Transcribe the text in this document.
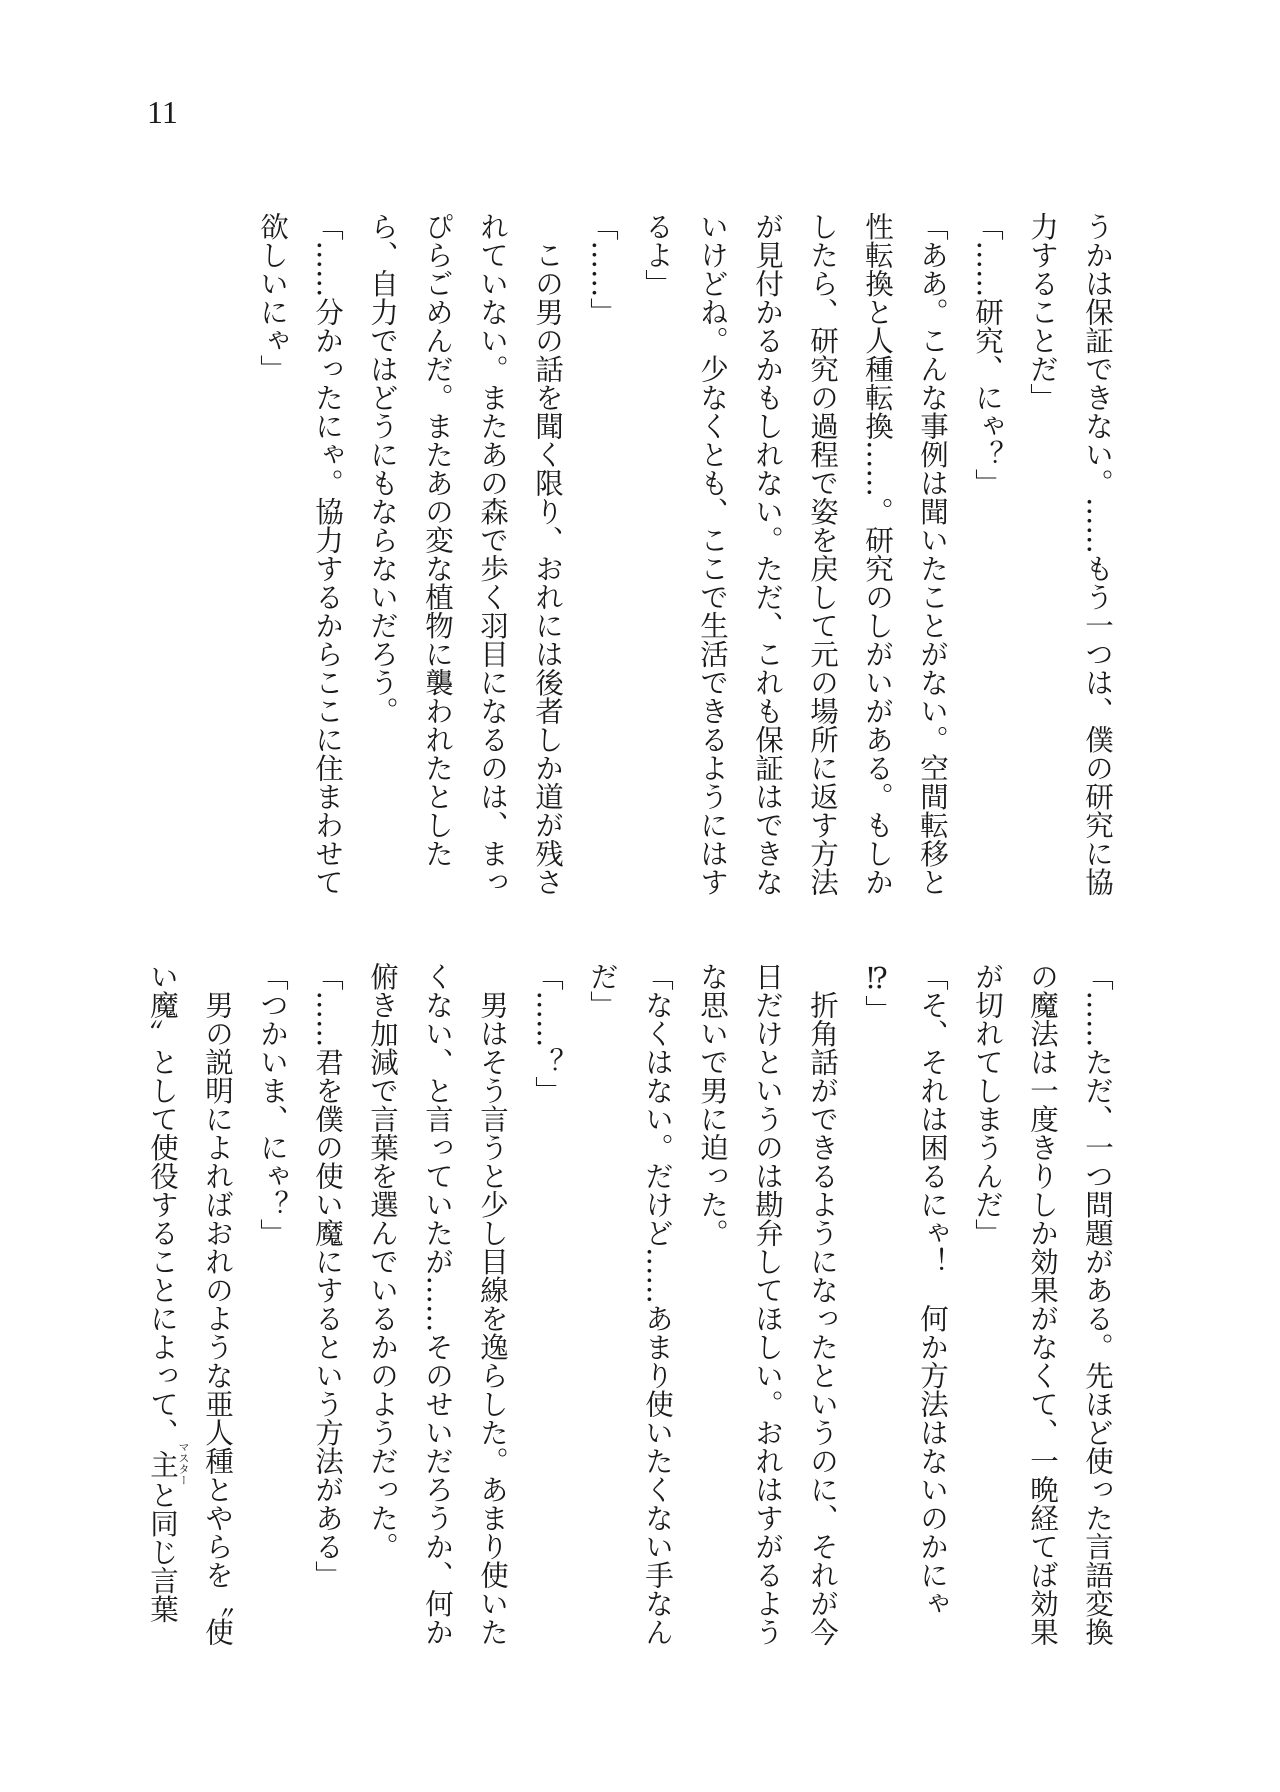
11
うかは保証できない。……もう一つは、僕の研究に協
力することだ」
「……研究、にゃ？」
「ああ。こんな事例は聞いたことがない。空間転移と
性転換と人種転換……。研究のしがいがある。もしか
したら、研究の過程で姿を戻して元の場所に返す方法
が見付かるかもしれない。ただ、これも保証はできな
いけどね。少なくとも、ここで生活できるようにはす
るよ」
「……」
　この男の話を聞く限り、おれには後者しか道が残さ
れていない。またあの森で歩く羽目になるのは、まっ
ぴらごめんだ。またあの変な植物に襲われたとした
ら、自力ではどうにもならないだろう。
「……分かったにゃ。協力するからここに住まわせて
欲しいにゃ」
「……ただ、一つ問題がある。先ほど使った言語変換
の魔法は一度きりしか効果がなくて、一晩経てば効果
が切れてしまうんだ」
「そ、それは困るにゃ！　何か方法はないのかにゃ
⁉」
　折角話ができるようになったというのに、それが今
日だけというのは勘弁してほしい。おれはすがるよう
な思いで男に迫った。
「なくはない。だけど……あまり使いたくない手なん
だ」
「……？」
　男はそう言うと少し目線を逸らした。あまり使いた
くない、と言っていたが……そのせいだろうか、何か
俯き加減で言葉を選んでいるかのようだった。
「……君を僕の使い魔にするという方法がある」
「つかいま、にゃ？」
　男の説明によればおれのような亜人種とやらを〝使
い魔〟として使役することによって、主マスターと同じ言葉
